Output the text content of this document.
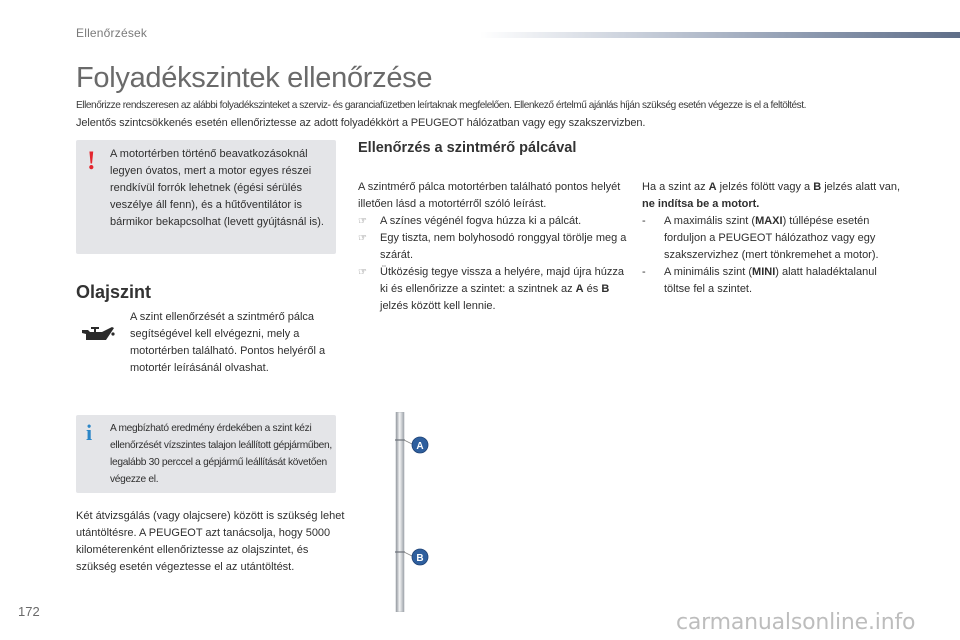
Ellenőrzések
Folyadékszintek ellenőrzése
Ellenőrizze rendszeresen az alábbi folyadékszinteket a szerviz- és garanciafüzetben leírtaknak megfelelően. Ellenkező értelmű ajánlás híján szükség esetén végezze is el a feltöltést.
Jelentős szintcsökkenés esetén ellenőriztesse az adott folyadékkört a PEUGEOT hálózatban vagy egy szakszervizben.
! A motortérben történő beavatkozásoknál legyen óvatos, mert a motor egyes részei rendkívül forrók lehetnek (égési sérülés veszélye áll fenn), és a hűtőventilátor is bármikor bekapcsolhat (levett gyújtásnál is).
Olajszint
A szint ellenőrzését a szintmérő pálca segítségével kell elvégezni, mely a motortérben található. Pontos helyéről a motortér leírásánál olvashat.
i A megbízható eredmény érdekében a szint kézi ellenőrzését vízszintes talajon leállított gépjárműben, legalább 30 perccel a gépjármű leállítását követően végezze el.
Két átvizsgálás (vagy olajcsere) között is szükség lehet utántöltésre. A PEUGEOT azt tanácsolja, hogy 5000 kilométerenként ellenőriztesse az olajszintet, és szükség esetén végeztesse el az utántöltést.
Ellenőrzés a szintmérő pálcával

A szintmérő pálca motortérben található pontos helyét illetően lásd a motortérről szóló leírást.

☞	A színes végénél fogva húzza ki a pálcát.
☞	Egy tiszta, nem bolyhosodó ronggyal törölje meg a szárát.
☞	Ütközésig tegye vissza a helyére, majd újra húzza ki és ellenőrizze a szintet: a szintnek az A és B jelzés között kell lennie.

Ha a szint az A jelzés fölött vagy a B jelzés alatt van, ne indítsa be a motort.

-	A maximális szint (MAXI) túllépése esetén forduljon a PEUGEOT hálózathoz vagy egy szakszervizhez (mert tönkremehet a motor).
-	A minimális szint (MINI) alatt haladéktalanul töltse fel a szintet.
A
B
172	carmanualsonline.info
